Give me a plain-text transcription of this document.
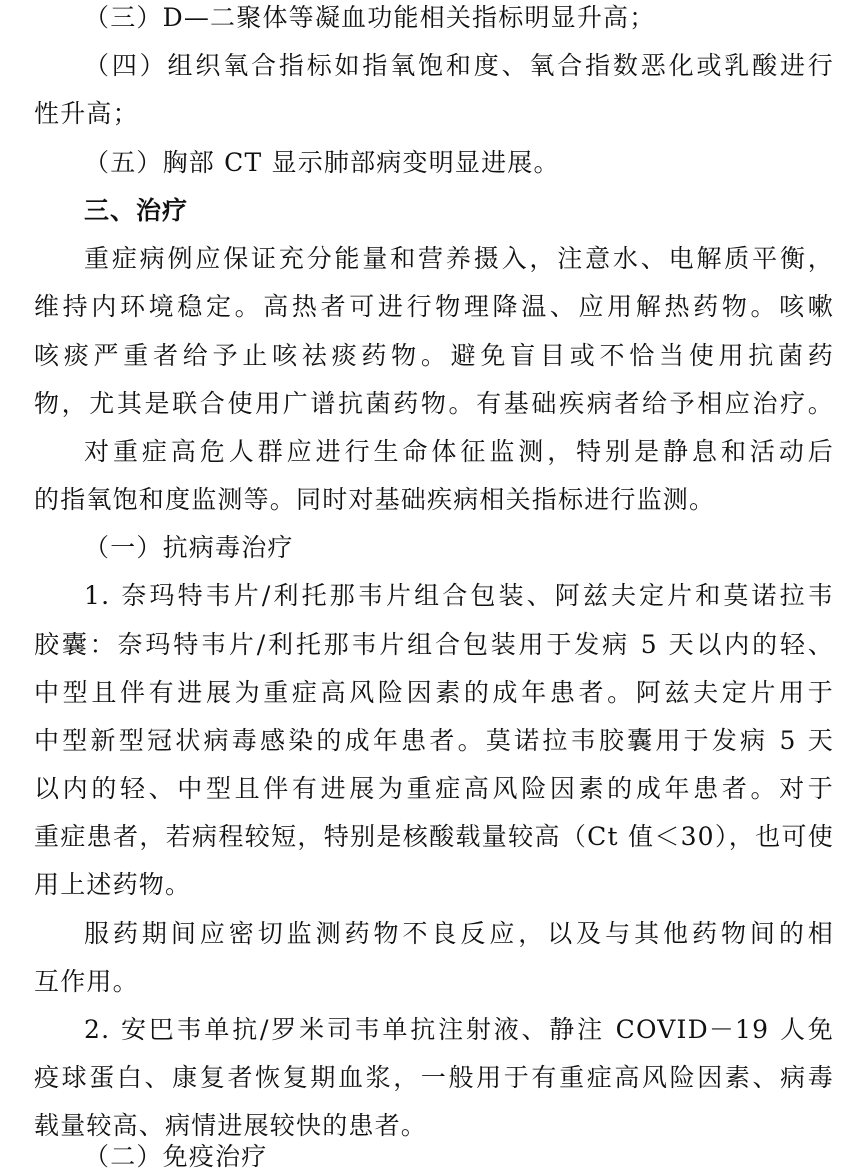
（三）D—二聚体等凝血功能相关指标明显升高；
（四）组织氧合指标如指氧饱和度、氧合指数恶化或乳酸进行
性升高；
（五）胸部 CT 显示肺部病变明显进展。
三、治疗
重症病例应保证充分能量和营养摄入，注意水、电解质平衡，
维持内环境稳定。高热者可进行物理降温、应用解热药物。咳嗽
咳痰严重者给予止咳祛痰药物。避免盲目或不恰当使用抗菌药
物，尤其是联合使用广谱抗菌药物。有基础疾病者给予相应治疗。
对重症高危人群应进行生命体征监测，特别是静息和活动后
的指氧饱和度监测等。同时对基础疾病相关指标进行监测。
（一）抗病毒治疗
1. 奈玛特韦片/利托那韦片组合包装、阿兹夫定片和莫诺拉韦
胶囊：奈玛特韦片/利托那韦片组合包装用于发病 5 天以内的轻、
中型且伴有进展为重症高风险因素的成年患者。阿兹夫定片用于
中型新型冠状病毒感染的成年患者。莫诺拉韦胶囊用于发病 5 天
以内的轻、中型且伴有进展为重症高风险因素的成年患者。对于
重症患者，若病程较短，特别是核酸载量较高（Ct 值＜30），也可使
用上述药物。
服药期间应密切监测药物不良反应，以及与其他药物间的相
互作用。
2. 安巴韦单抗/罗米司韦单抗注射液、静注 COVID－19 人免
疫球蛋白、康复者恢复期血浆，一般用于有重症高风险因素、病毒
载量较高、病情进展较快的患者。
（二）免疫治疗
